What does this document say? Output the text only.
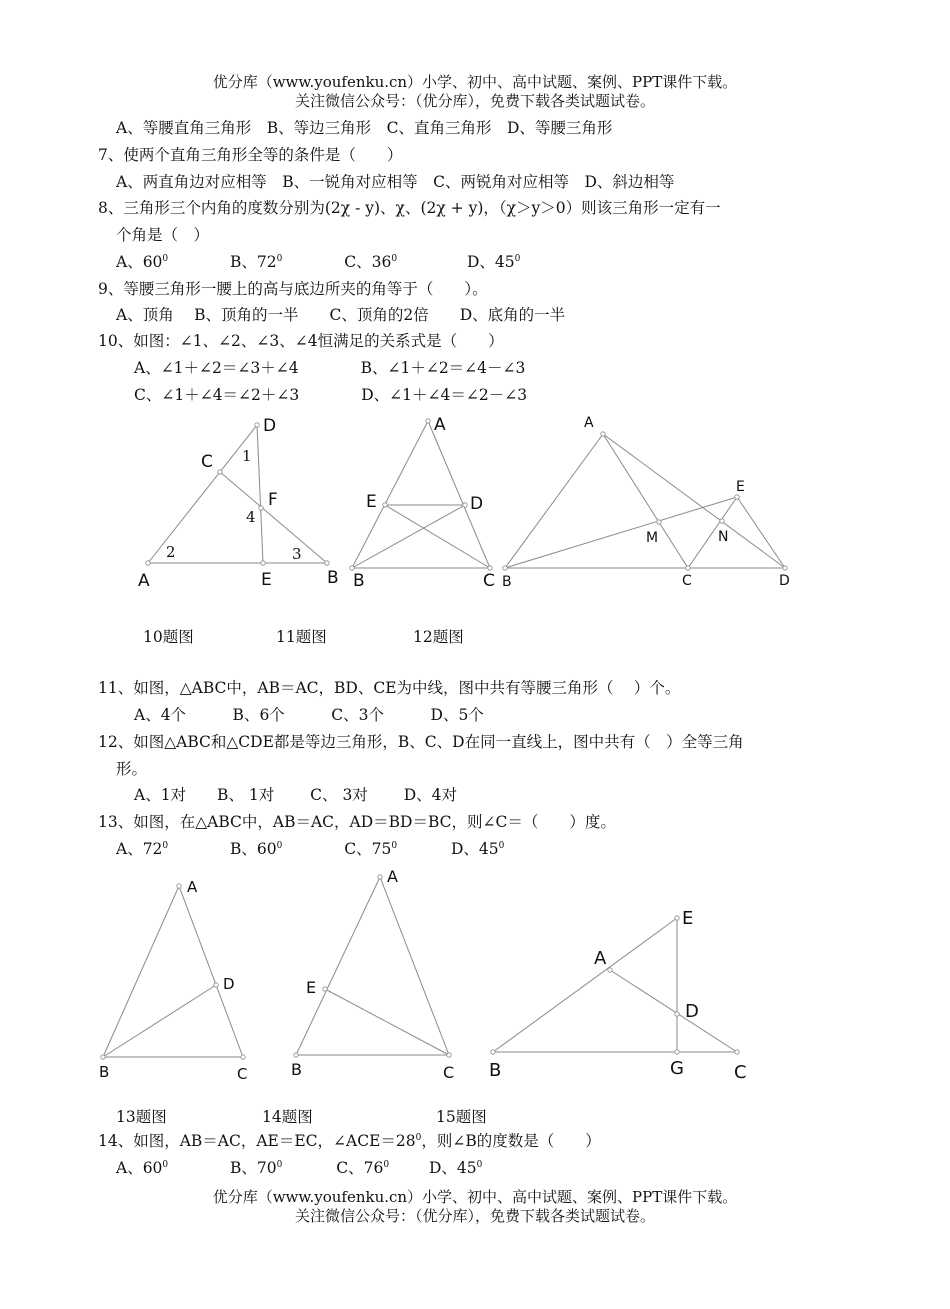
优分库（www.youfenku.cn）小学、初中、高中试题、案例、PPT课件下载。
关注微信公众号：（优分库），免费下载各类试题试卷。
A、等腰直角三角形　B、等边三角形　C、直角三角形　D、等腰三角形
7、使两个直角三角形全等的条件是（　　）
A、两直角边对应相等　B、一锐角对应相等　C、两锐角对应相等　D、斜边相等
8、三角形三个内角的度数分别为(2χ - y)、χ、(2χ + y)，（χ＞y＞0）则该三角形一定有一
个角是（　）
A、$60^0$	B、$72^0$	C、$36^0$	D、$45^0$
9、等腰三角形一腰上的高与底边所夹的角等于（　　）。
A、顶角　 B、顶角的一半　　C、顶角的2倍　　D、底角的一半
10、如图：∠1、∠2、∠3、∠4恒满足的关系式是（　　）
A、∠1＋∠2＝∠3＋∠4　　　　B、∠1＋∠2＝∠4－∠3
C、∠1＋∠4＝∠2＋∠3　　　　D、∠1＋∠4＝∠2－∠3
A	B
C
D
E
F
1
2	3
4
A
B	C
D
E
A
B	C	D
E
M	N
A
B	C
D
A
B	C
E
A
B	C
D
E
G
10题图	11题图	12题图
11、如图，△ABC中，AB＝AC，BD、CE为中线，图中共有等腰三角形（　 ）个。
A、4个　　　B、6个　　　C、3个　　　D、5个
12、如图△ABC和△CDE都是等边三角形，B、C、D在同一直线上，图中共有（　）全等三角
形。
A、1对　　B、 1对　　 C、 3对　　 D、4对
13、如图，在△ABC中，AB＝AC，AD＝BD＝BC，则∠C＝（　　）度。
A、$72^0$	B、$60^0$	C、$75^0$	D、$45^0$
13题图	14题图	15题图
14、如图，AB＝AC，AE＝EC，$\angle ACE=28^0$，则∠B的度数是（　　）
A、$60^0$	B、$70^0$	C、$76^0$	D、$45^0$
优分库（www.youfenku.cn）小学、初中、高中试题、案例、PPT课件下载。
关注微信公众号：（优分库），免费下载各类试题试卷。
